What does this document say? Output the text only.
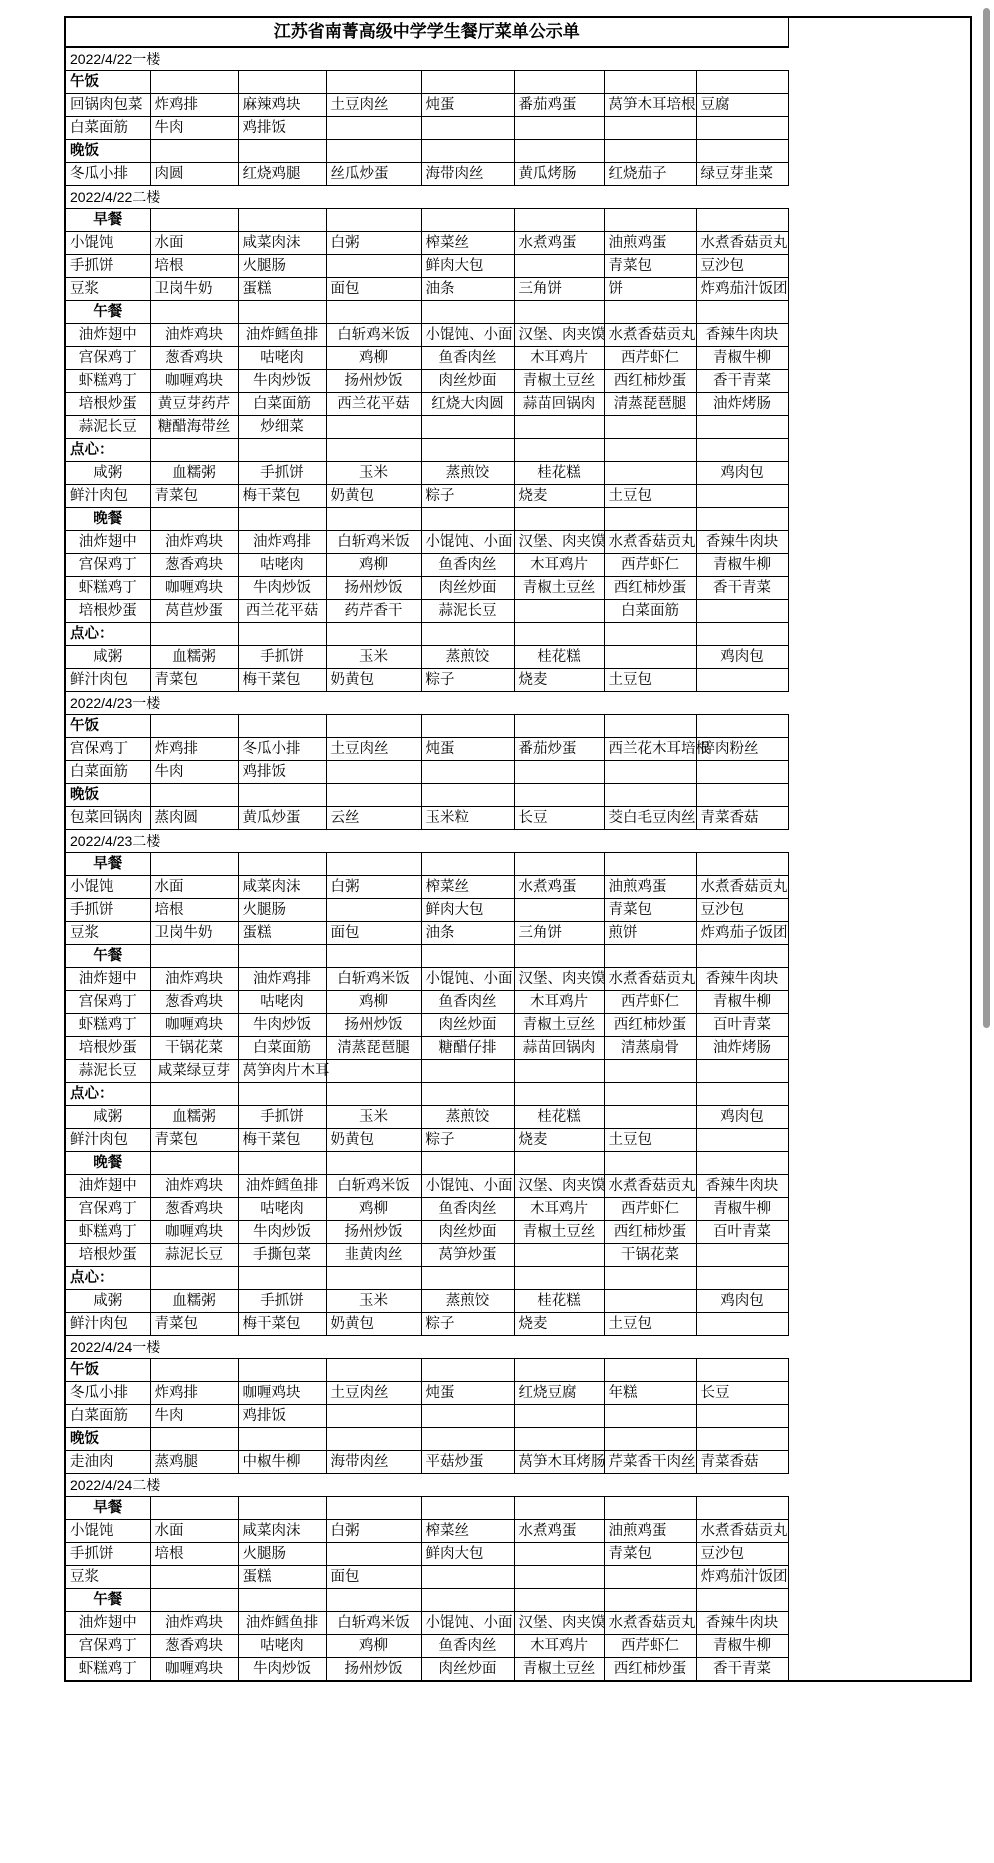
江苏省南菁高级中学学生餐厅菜单公示单							
2022/4/22一楼							
午饭							
回锅肉包菜	炸鸡排	麻辣鸡块	土豆肉丝	炖蛋	番茄鸡蛋	莴笋木耳培根	豆腐
白菜面筋	牛肉	鸡排饭					
晚饭							
冬瓜小排	肉圆	红烧鸡腿	丝瓜炒蛋	海带肉丝	黄瓜烤肠	红烧茄子	绿豆芽韭菜
2022/4/22二楼							
早餐							
小馄饨	水面	咸菜肉沫	白粥	榨菜丝	水煮鸡蛋	油煎鸡蛋	水煮香菇贡丸
手抓饼	培根	火腿肠		鲜肉大包		青菜包	豆沙包
豆浆	卫岗牛奶	蛋糕	面包	油条	三角饼	饼	炸鸡茄汁饭团
午餐							
油炸翅中	油炸鸡块	油炸鳕鱼排	白斩鸡米饭	小馄饨、小面	汉堡、肉夹馍	水煮香菇贡丸	香辣牛肉块
宫保鸡丁	葱香鸡块	咕咾肉	鸡柳	鱼香肉丝	木耳鸡片	西芹虾仁	青椒牛柳
虾糕鸡丁	咖喱鸡块	牛肉炒饭	扬州炒饭	肉丝炒面	青椒土豆丝	西红柿炒蛋	香干青菜
培根炒蛋	黄豆芽药芹	白菜面筋	西兰花平菇	红烧大肉圆	蒜苗回锅肉	清蒸琵琶腿	油炸烤肠
蒜泥长豆	糖醋海带丝	炒细菜					
点心：							
咸粥	血糯粥	手抓饼	玉米	蒸煎饺	桂花糕		鸡肉包
鲜汁肉包	青菜包	梅干菜包	奶黄包	粽子	烧麦	土豆包	
晚餐							
油炸翅中	油炸鸡块	油炸鸡排	白斩鸡米饭	小馄饨、小面	汉堡、肉夹馍	水煮香菇贡丸	香辣牛肉块
宫保鸡丁	葱香鸡块	咕咾肉	鸡柳	鱼香肉丝	木耳鸡片	西芹虾仁	青椒牛柳
虾糕鸡丁	咖喱鸡块	牛肉炒饭	扬州炒饭	肉丝炒面	青椒土豆丝	西红柿炒蛋	香干青菜
培根炒蛋	莴苣炒蛋	西兰花平菇	药芹香干	蒜泥长豆		白菜面筋	
点心：							
咸粥	血糯粥	手抓饼	玉米	蒸煎饺	桂花糕		鸡肉包
鲜汁肉包	青菜包	梅干菜包	奶黄包	粽子	烧麦	土豆包	
2022/4/23一楼							
午饭							
宫保鸡丁	炸鸡排	冬瓜小排	土豆肉丝	炖蛋	番茄炒蛋	西兰花木耳培根	碎肉粉丝
白菜面筋	牛肉	鸡排饭					
晚饭							
包菜回锅肉	蒸肉圆	黄瓜炒蛋	云丝	玉米粒	长豆	茭白毛豆肉丝	青菜香菇
2022/4/23二楼							
早餐							
小馄饨	水面	咸菜肉沫	白粥	榨菜丝	水煮鸡蛋	油煎鸡蛋	水煮香菇贡丸
手抓饼	培根	火腿肠		鲜肉大包		青菜包	豆沙包
豆浆	卫岗牛奶	蛋糕	面包	油条	三角饼	煎饼	炸鸡茄子饭团
午餐							
油炸翅中	油炸鸡块	油炸鸡排	白斩鸡米饭	小馄饨、小面	汉堡、肉夹馍	水煮香菇贡丸	香辣牛肉块
宫保鸡丁	葱香鸡块	咕咾肉	鸡柳	鱼香肉丝	木耳鸡片	西芹虾仁	青椒牛柳
虾糕鸡丁	咖喱鸡块	牛肉炒饭	扬州炒饭	肉丝炒面	青椒土豆丝	西红柿炒蛋	百叶青菜
培根炒蛋	干锅花菜	白菜面筋	清蒸琵琶腿	糖醋仔排	蒜苗回锅肉	清蒸扇骨	油炸烤肠
蒜泥长豆	咸菜绿豆芽	莴笋肉片木耳					
点心：							
咸粥	血糯粥	手抓饼	玉米	蒸煎饺	桂花糕		鸡肉包
鲜汁肉包	青菜包	梅干菜包	奶黄包	粽子	烧麦	土豆包	
晚餐							
油炸翅中	油炸鸡块	油炸鳕鱼排	白斩鸡米饭	小馄饨、小面	汉堡、肉夹馍	水煮香菇贡丸	香辣牛肉块
宫保鸡丁	葱香鸡块	咕咾肉	鸡柳	鱼香肉丝	木耳鸡片	西芹虾仁	青椒牛柳
虾糕鸡丁	咖喱鸡块	牛肉炒饭	扬州炒饭	肉丝炒面	青椒土豆丝	西红柿炒蛋	百叶青菜
培根炒蛋	蒜泥长豆	手撕包菜	韭黄肉丝	莴笋炒蛋		干锅花菜	
点心：							
咸粥	血糯粥	手抓饼	玉米	蒸煎饺	桂花糕		鸡肉包
鲜汁肉包	青菜包	梅干菜包	奶黄包	粽子	烧麦	土豆包	
2022/4/24一楼							
午饭							
冬瓜小排	炸鸡排	咖喱鸡块	土豆肉丝	炖蛋	红烧豆腐	年糕	长豆
白菜面筋	牛肉	鸡排饭					
晚饭							
走油肉	蒸鸡腿	中椒牛柳	海带肉丝	平菇炒蛋	莴笋木耳烤肠	芹菜香干肉丝	青菜香菇
2022/4/24二楼							
早餐							
小馄饨	水面	咸菜肉沫	白粥	榨菜丝	水煮鸡蛋	油煎鸡蛋	水煮香菇贡丸
手抓饼	培根	火腿肠		鲜肉大包		青菜包	豆沙包
豆浆		蛋糕	面包				炸鸡茄汁饭团
午餐							
油炸翅中	油炸鸡块	油炸鳕鱼排	白斩鸡米饭	小馄饨、小面	汉堡、肉夹馍	水煮香菇贡丸	香辣牛肉块
宫保鸡丁	葱香鸡块	咕咾肉	鸡柳	鱼香肉丝	木耳鸡片	西芹虾仁	青椒牛柳
虾糕鸡丁	咖喱鸡块	牛肉炒饭	扬州炒饭	肉丝炒面	青椒土豆丝	西红柿炒蛋	香干青菜
